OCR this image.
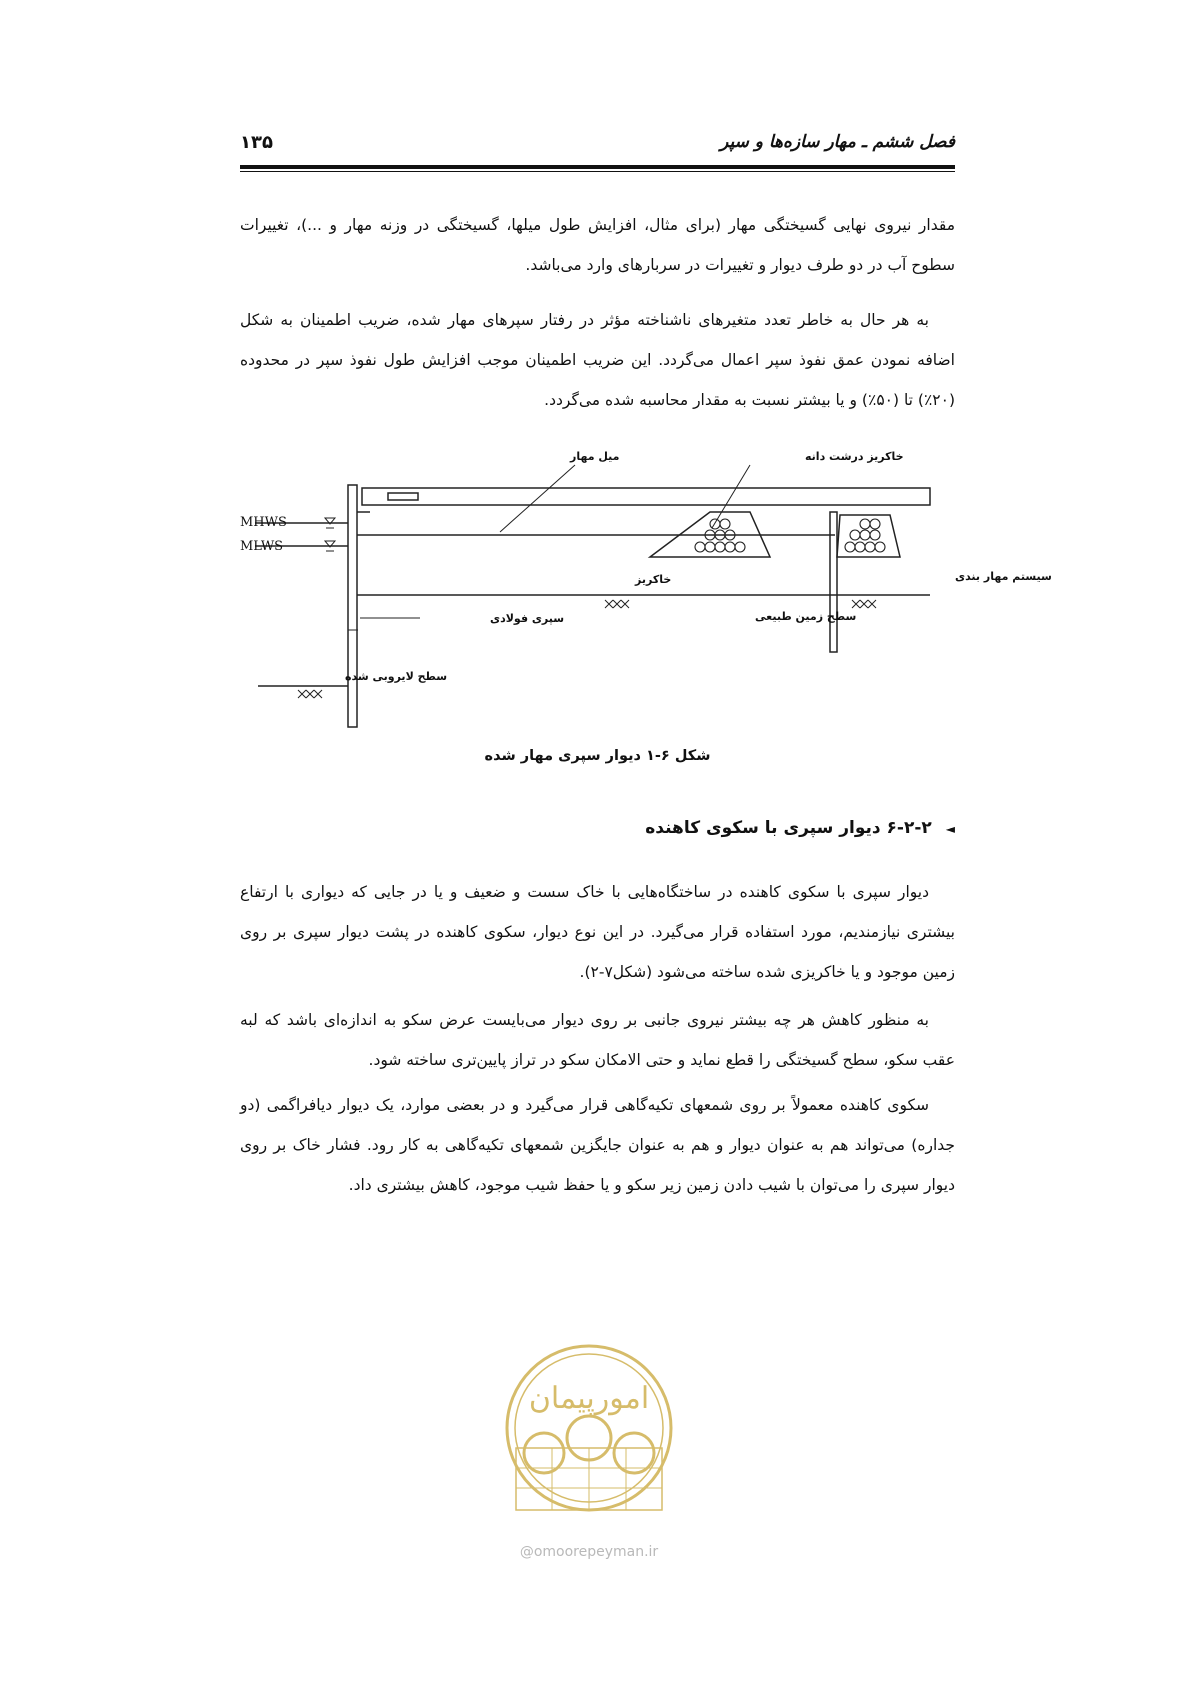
فصل ششم ـ مهار سازه‌ها و سپر
۱۳۵
مقدار نیروی نهایی گسیختگی مهار (برای مثال، افزایش طول میلها، گسیختگی در وزنه مهار و ...)، تغییرات سطوح آب در دو طرف دیوار و تغییرات در سربارهای وارد می‌باشد.
به هر حال به خاطر تعدد متغیرهای ناشناخته مؤثر در رفتار سپرهای مهار شده، ضریب اطمینان به شکل اضافه نمودن عمق نفوذ سپر اعمال می‌گردد. این ضریب اطمینان موجب افزایش طول نفوذ سپر در محدوده (۲۰٪) تا (۵۰٪) و یا بیشتر نسبت به مقدار محاسبه شده می‌گردد.
MHWS
MLWS
میل مهار	خاکریز درشت دانه
سیستم مهار بندی
خاکریز
سطح زمین طبیعی
سپری فولادی
سطح لایروبی شده
شکل ۶-۱ دیوار سپری مهار شده
◄۶-۲-۲ دیوار سپری با سکوی کاهنده
دیوار سپری با سکوی کاهنده در ساختگاه‌هایی با خاک سست و ضعیف و یا در جایی که دیواری با ارتفاع بیشتری نیازمندیم، مورد استفاده قرار می‌گیرد. در این نوع دیوار، سکوی کاهنده در پشت دیوار سپری بر روی زمین موجود و یا خاکریزی شده ساخته می‌شود (شکل۷-۲).
به منظور کاهش هر چه بیشتر نیروی جانبی بر روی دیوار می‌بایست عرض سکو به اندازه‌ای باشد که لبه عقب سکو، سطح گسیختگی را قطع نماید و حتی الامکان سکو در تراز پایین‌تری ساخته شود.
سکوی کاهنده معمولاً بر روی شمعهای تکیه‌گاهی قرار می‌گیرد و در بعضی موارد، یک دیوار دیافراگمی (دو جداره) می‌تواند هم به عنوان دیوار و هم به عنوان جایگزین شمعهای تکیه‌گاهی به کار رود. فشار خاک بر روی دیوار سپری را می‌توان با شیب دادن زمین زیر سکو و یا حفظ شیب موجود، کاهش بیشتری داد.
امورپیمان
@omoorepeyman.ir
